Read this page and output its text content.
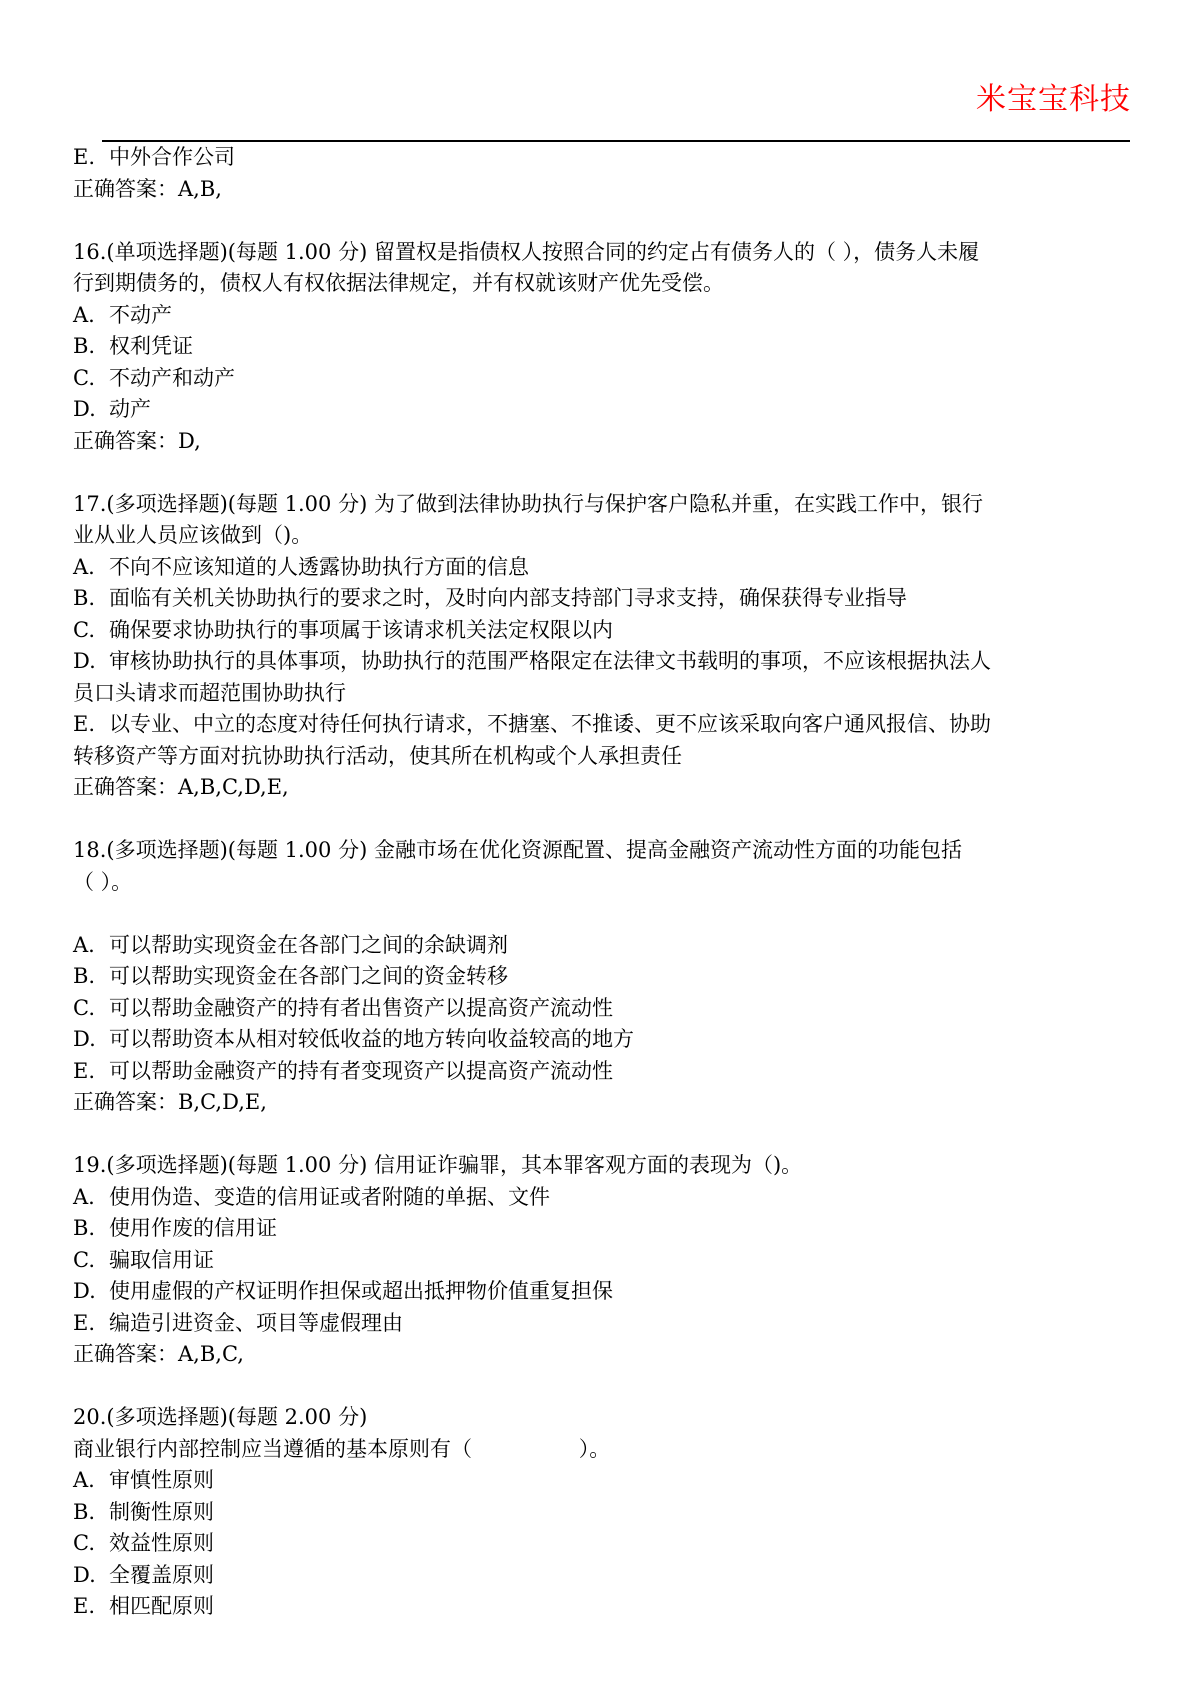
米宝宝科技
E. 中外合作公司
正确答案：A,B,
16.(单项选择题)(每题 1.00 分) 留置权是指债权人按照合同的约定占有债务人的（ ），债务人未履
行到期债务的，债权人有权依据法律规定，并有权就该财产优先受偿。
A. 不动产
B. 权利凭证
C. 不动产和动产
D. 动产
正确答案：D,
17.(多项选择题)(每题 1.00 分) 为了做到法律协助执行与保护客户隐私并重，在实践工作中，银行
业从业人员应该做到（)。
A. 不向不应该知道的人透露协助执行方面的信息
B. 面临有关机关协助执行的要求之时，及时向内部支持部门寻求支持，确保获得专业指导
C. 确保要求协助执行的事项属于该请求机关法定权限以内
D. 审核协助执行的具体事项，协助执行的范围严格限定在法律文书载明的事项，不应该根据执法人
员口头请求而超范围协助执行
E. 以专业、中立的态度对待任何执行请求，不搪塞、不推诿、更不应该采取向客户通风报信、协助
转移资产等方面对抗协助执行活动，使其所在机构或个人承担责任
正确答案：A,B,C,D,E,
18.(多项选择题)(每题 1.00 分) 金融市场在优化资源配置、提高金融资产流动性方面的功能包括
（ ）。
A. 可以帮助实现资金在各部门之间的余缺调剂
B. 可以帮助实现资金在各部门之间的资金转移
C. 可以帮助金融资产的持有者出售资产以提高资产流动性
D. 可以帮助资本从相对较低收益的地方转向收益较高的地方
E. 可以帮助金融资产的持有者变现资产以提高资产流动性
正确答案：B,C,D,E,
19.(多项选择题)(每题 1.00 分) 信用证诈骗罪，其本罪客观方面的表现为（)。
A. 使用伪造、变造的信用证或者附随的单据、文件
B. 使用作废的信用证
C. 骗取信用证
D. 使用虚假的产权证明作担保或超出抵押物价值重复担保
E. 编造引进资金、项目等虚假理由
正确答案：A,B,C,
20.(多项选择题)(每题 2.00 分)
商业银行内部控制应当遵循的基本原则有（                ）。
A. 审慎性原则
B. 制衡性原则
C. 效益性原则
D. 全覆盖原则
E. 相匹配原则
